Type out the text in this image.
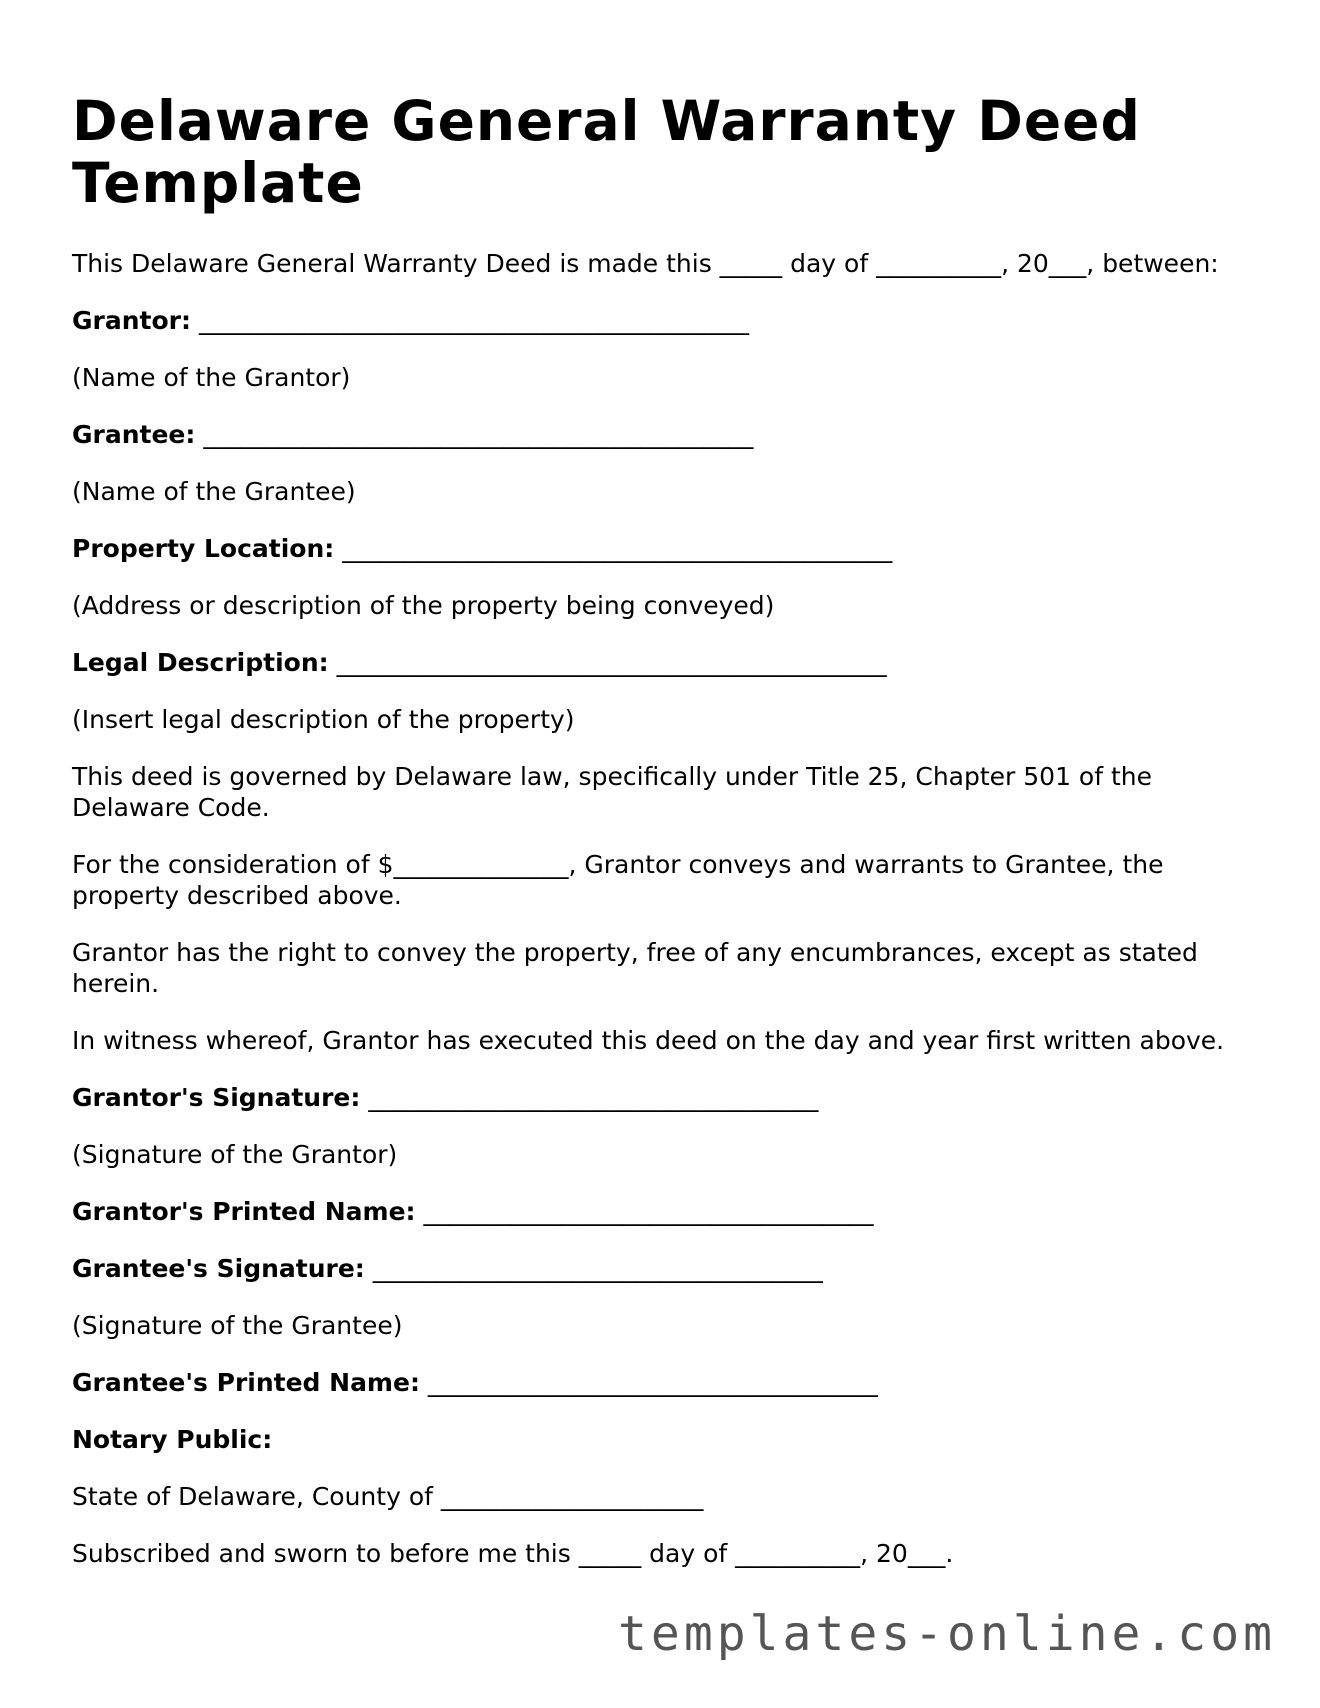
Delaware General Warranty Deed Template

This Delaware General Warranty Deed is made this _____ day of __________, 20___, between:

Grantor: ____________________________________________

(Name of the Grantor)

Grantee: ____________________________________________

(Name of the Grantee)

Property Location: ____________________________________________

(Address or description of the property being conveyed)

Legal Description: ____________________________________________

(Insert legal description of the property)

This deed is governed by Delaware law, specifically under Title 25, Chapter 501 of the Delaware Code.

For the consideration of $______________, Grantor conveys and warrants to Grantee, the property described above.

Grantor has the right to convey the property, free of any encumbrances, except as stated herein.

In witness whereof, Grantor has executed this deed on the day and year first written above.

Grantor's Signature: ____________________________________

(Signature of the Grantor)

Grantor's Printed Name: ____________________________________

Grantee's Signature: ____________________________________

(Signature of the Grantee)

Grantee's Printed Name: ____________________________________

Notary Public:

State of Delaware, County of _____________________

Subscribed and sworn to before me this _____ day of __________, 20___.

templates-online.com
